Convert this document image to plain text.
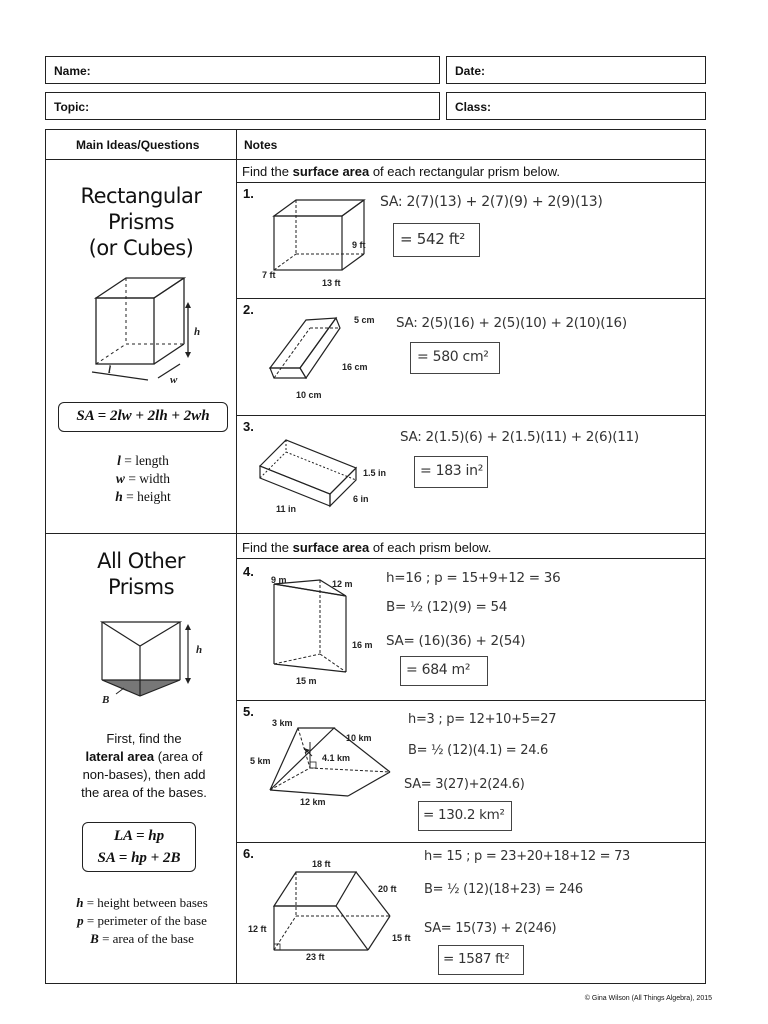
Name:	Date:
Topic:	Class:
Main Ideas/Questions	Notes
Rectangular
Prisms
(or Cubes)
h
l
w
SA = 2lw + 2lh + 2wh
l = length
w = width
h = height
Find the surface area of each rectangular prism below.
1.
9 ft
7 ft
13 ft
SA: 2(7)(13) + 2(7)(9) + 2(9)(13)
= 542 ft²
2.
5 cm
16 cm
10 cm
SA: 2(5)(16) + 2(5)(10) + 2(10)(16)
= 580 cm²
3.
1.5 in
6 in
11 in
SA: 2(1.5)(6) + 2(1.5)(11) + 2(6)(11)
= 183 in²
All Other
Prisms
h
B
First, find the
lateral area (area of
non-bases), then add
the area of the bases.
LA = hp
SA = hp + 2B
h = height between bases
p = perimeter of the base
B = area of the base
Find the surface area of each prism below.
4.
9 m	12 m
16 m
15 m
h=16 ; p = 15+9+12 = 36
B= ½ (12)(9) = 54
SA= (16)(36) + 2(54)
= 684 m²
5.
3 km
10 km
5 km	4.1 km
12 km
h=3 ; p= 12+10+5=27
B= ½ (12)(4.1) = 24.6
SA= 3(27)+2(24.6)
= 130.2 km²
6.
18 ft
20 ft
12 ft
15 ft
23 ft
h= 15 ; p = 23+20+18+12 = 73
B= ½ (12)(18+23) = 246
SA= 15(73) + 2(246)
= 1587 ft²
© Gina Wilson (All Things Algebra), 2015
